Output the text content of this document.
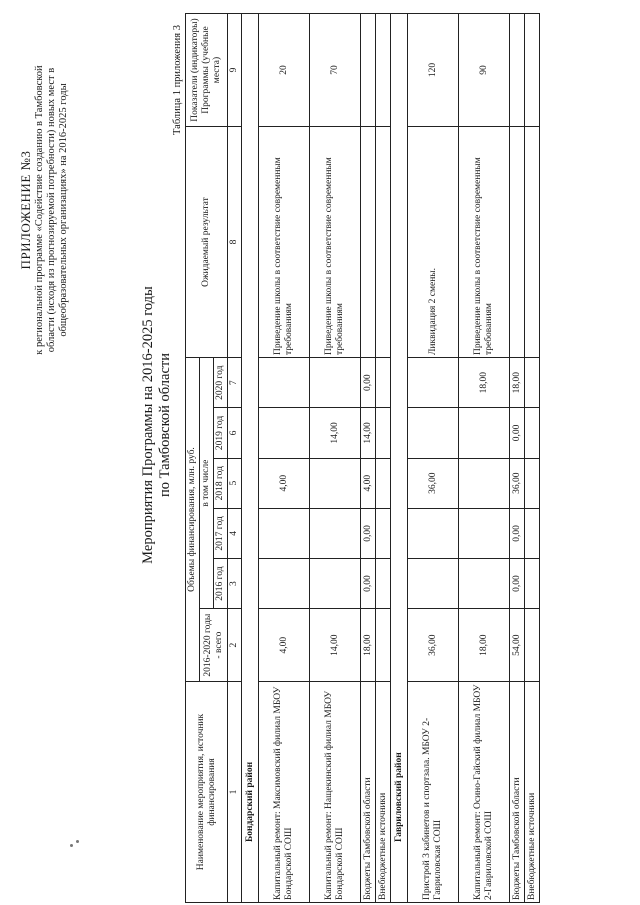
ПРИЛОЖЕНИЕ №3 к региональной программе «Содействие созданию в Тамбовской области (исходя из прогнозируемой потребности) новых мест в общеобразовательных организациях» на 2016-2025 годы
Мероприятия Программы на 2016-2025 годы по Тамбовской области
Таблица 1 приложения 3
Наименование мероприятия, источник финансирования	Объемы финансирования, млн. руб.						Ожидаемый результат	Показатели (индикаторы) Программы (учебные места)
	2016-2020 годы - всего	в том числе						
		2016 год	2017 год	2018 год	2019 год	2020 год		
1	2	3	4	5	6	7	8	9
Бондарский район								
Капитальный ремонт: Максимовский филиал МБОУ Бондарской СОШ	4,00			4,00			Приведение школы в соответствие современным требованиям	20
Капитальный ремонт: Нащекинский филиал МБОУ Бондарской СОШ	14,00				14,00		Приведение школы в соответствие современным требованиям	70
Бюджеты Тамбовской области	18,00	0,00	0,00	4,00	14,00	0,00		
Внебюджетные источники								
Гавриловский район								
Пристрой 3 кабинетов и спортзала. МБОУ 2-Гавриловская СОШ	36,00			36,00			Ликвидация 2 смены.	120
Капитальный ремонт: Осино-Гайский филиал МБОУ 2-Гавриловской СОШ	18,00					18,00	Приведение школы в соответствие современным требованиям	90
Бюджеты Тамбовской области	54,00	0,00	0,00	36,00	0,00	18,00		
Внебюджетные источники								
